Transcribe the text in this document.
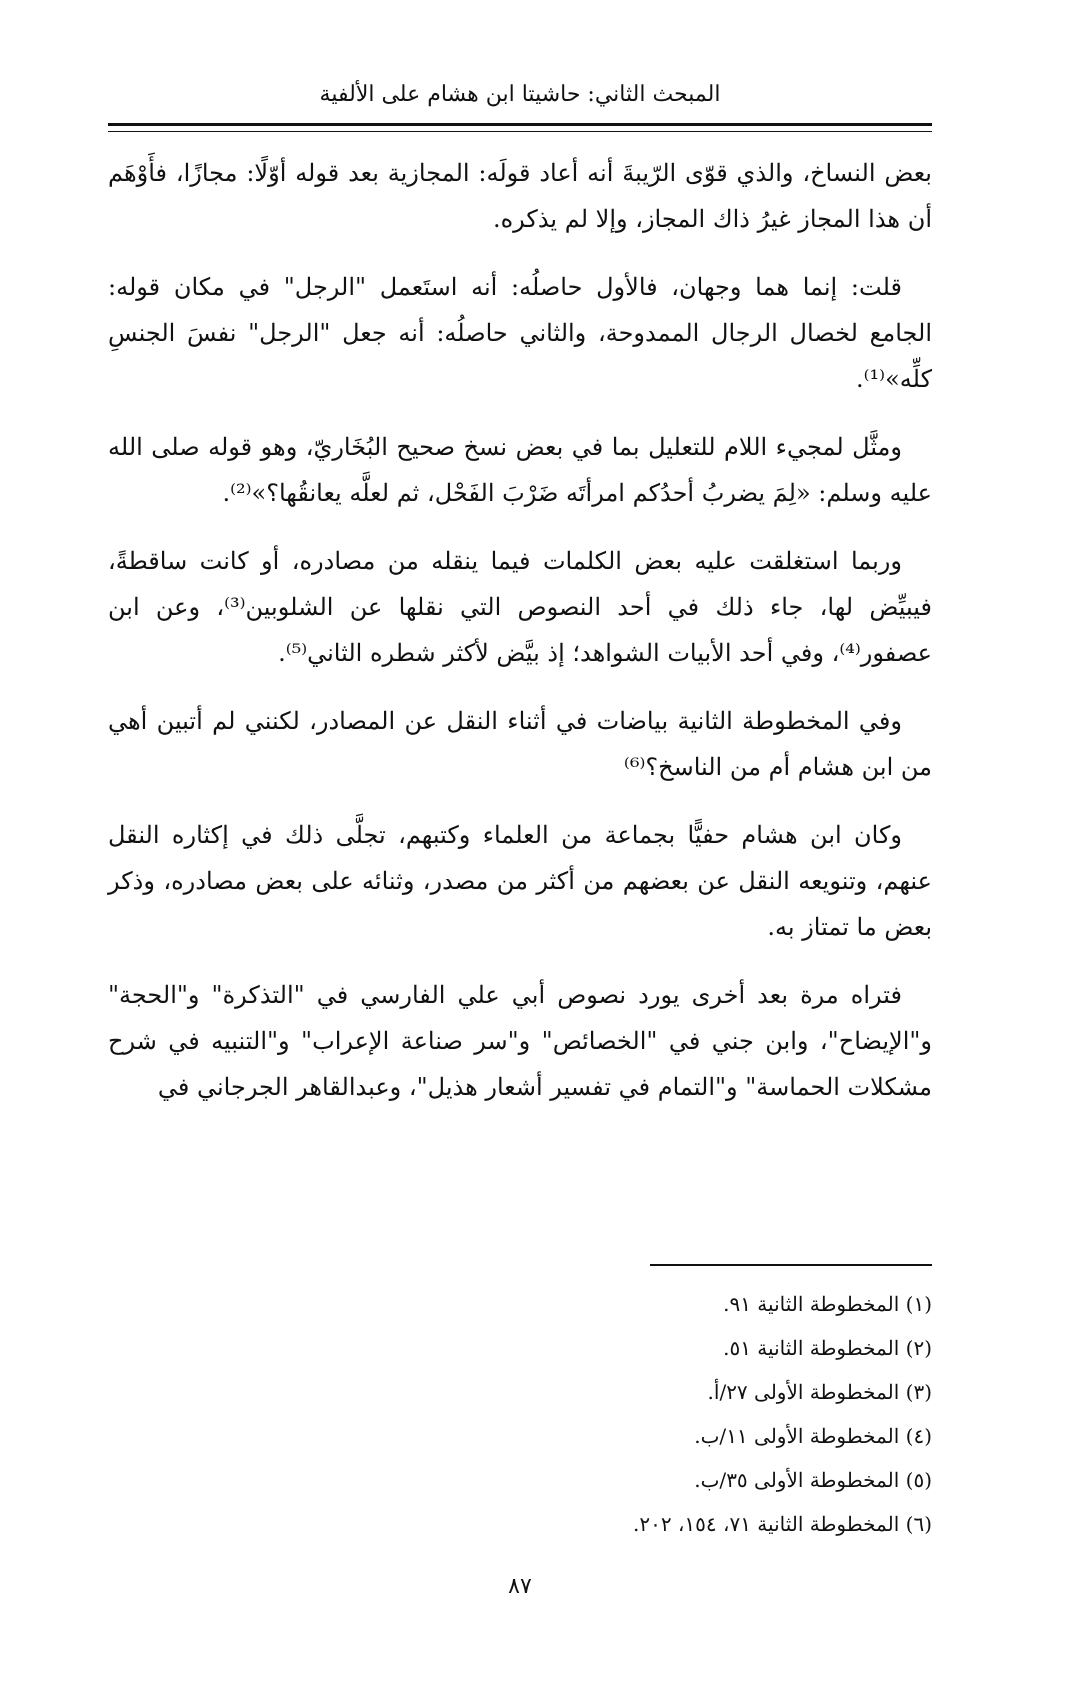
المبحث الثاني: حاشيتا ابن هشام على الألفية

بعض النساخ، والذي قوّى الرّيبةَ أنه أعاد قولَه: المجازية بعد قوله أوّلًا: مجازًا، فأَوْهَم أن هذا المجاز غيرُ ذاك المجاز، وإلا لم يذكره.

قلت: إنما هما وجهان، فالأول حاصلُه: أنه استَعمل "الرجل" في مكان قوله: الجامع لخصال الرجال الممدوحة، والثاني حاصلُه: أنه جعل "الرجل" نفسَ الجنسِ كلِّه»⁽¹⁾.

ومثَّل لمجيء اللام للتعليل بما في بعض نسخ صحيح البُخَاريّ، وهو قوله صلى الله عليه وسلم: «لِمَ يضربُ أحدُكم امرأتَه ضَرْبَ الفَحْل، ثم لعلَّه يعانقُها؟»⁽²⁾.

وربما استغلقت عليه بعض الكلمات فيما ينقله من مصادره، أو كانت ساقطةً، فيبيِّض لها، جاء ذلك في أحد النصوص التي نقلها عن الشلوبين⁽³⁾، وعن ابن عصفور⁽⁴⁾، وفي أحد الأبيات الشواهد؛ إذ بيَّض لأكثر شطره الثاني⁽⁵⁾.

وفي المخطوطة الثانية بياضات في أثناء النقل عن المصادر، لكنني لم أتبين أهي من ابن هشام أم من الناسخ؟⁽⁶⁾

وكان ابن هشام حفيًّا بجماعة من العلماء وكتبهم، تجلَّى ذلك في إكثاره النقل عنهم، وتنويعه النقل عن بعضهم من أكثر من مصدر، وثنائه على بعض مصادره، وذكر بعض ما تمتاز به.

فتراه مرة بعد أخرى يورد نصوص أبي علي الفارسي في "التذكرة" و"الحجة" و"الإيضاح"، وابن جني في "الخصائص" و"سر صناعة الإعراب" و"التنبيه في شرح مشكلات الحماسة" و"التمام في تفسير أشعار هذيل"، وعبدالقاهر الجرجاني في

(١) المخطوطة الثانية ٩١.
(٢) المخطوطة الثانية ٥١.
(٣) المخطوطة الأولى ٢٧/أ.
(٤) المخطوطة الأولى ١١/ب.
(٥) المخطوطة الأولى ٣٥/ب.
(٦) المخطوطة الثانية ٧١، ١٥٤، ٢٠٢.
٨٧
